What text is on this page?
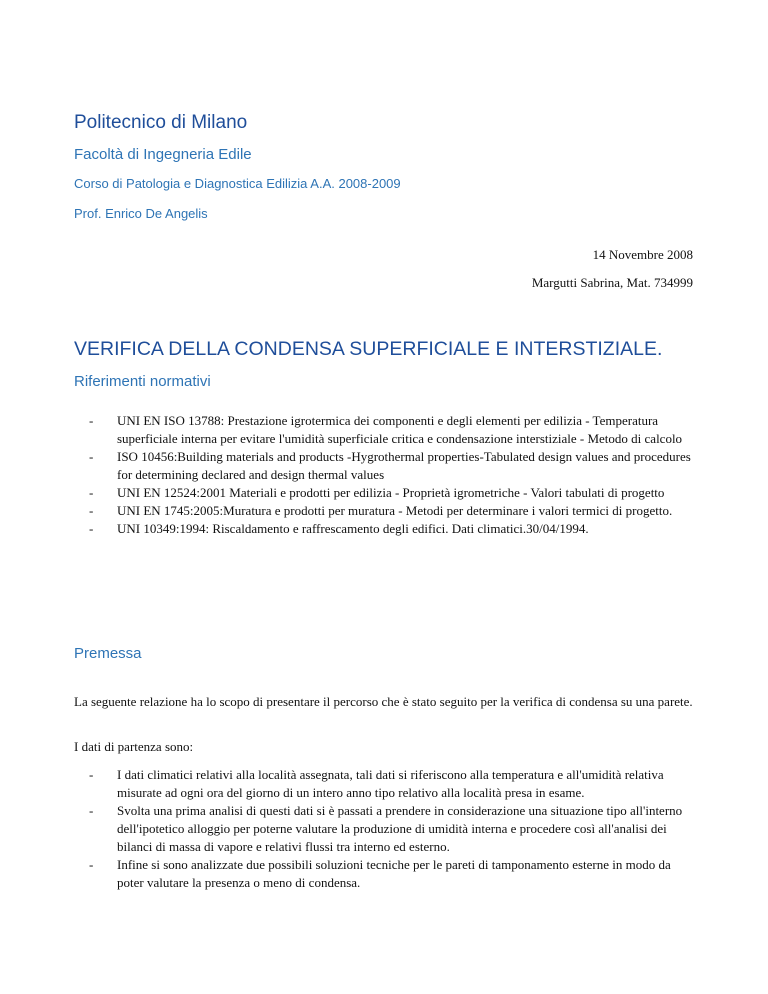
Politecnico di Milano
Facoltà di Ingegneria Edile
Corso di Patologia e Diagnostica Edilizia A.A. 2008-2009
Prof. Enrico De Angelis
14 Novembre 2008
Margutti Sabrina, Mat. 734999
VERIFICA DELLA CONDENSA SUPERFICIALE E INTERSTIZIALE.
Riferimenti normativi
- UNI EN ISO 13788: Prestazione igrotermica dei componenti e degli elementi per edilizia - Temperatura superficiale interna per evitare l'umidità superficiale critica e condensazione interstiziale - Metodo di calcolo
- ISO 10456:Building materials and products -Hygrothermal properties-Tabulated design values and procedures for determining declared and design thermal values
- UNI EN 12524:2001 Materiali e prodotti per edilizia - Proprietà igrometriche - Valori tabulati di progetto
- UNI EN 1745:2005:Muratura e prodotti per muratura - Metodi per determinare i valori termici di progetto.
- UNI 10349:1994: Riscaldamento e raffrescamento degli edifici. Dati climatici.30/04/1994.
Premessa

La seguente relazione ha lo scopo di presentare il percorso che è stato seguito per la verifica di condensa su una parete.

I dati di partenza sono:

- I dati climatici relativi alla località assegnata, tali dati si riferiscono alla temperatura e all'umidità relativa misurate ad ogni ora del giorno di un intero anno tipo relativo alla località presa in esame.
- Svolta una prima analisi di questi dati si è passati a prendere in considerazione una situazione tipo all'interno dell'ipotetico alloggio per poterne valutare la produzione di umidità interna e procedere così all'analisi dei bilanci di massa di vapore e relativi flussi tra interno ed esterno.
- Infine si sono analizzate due possibili soluzioni tecniche per le pareti di tamponamento esterne in modo da poter valutare la presenza o meno di condensa.
